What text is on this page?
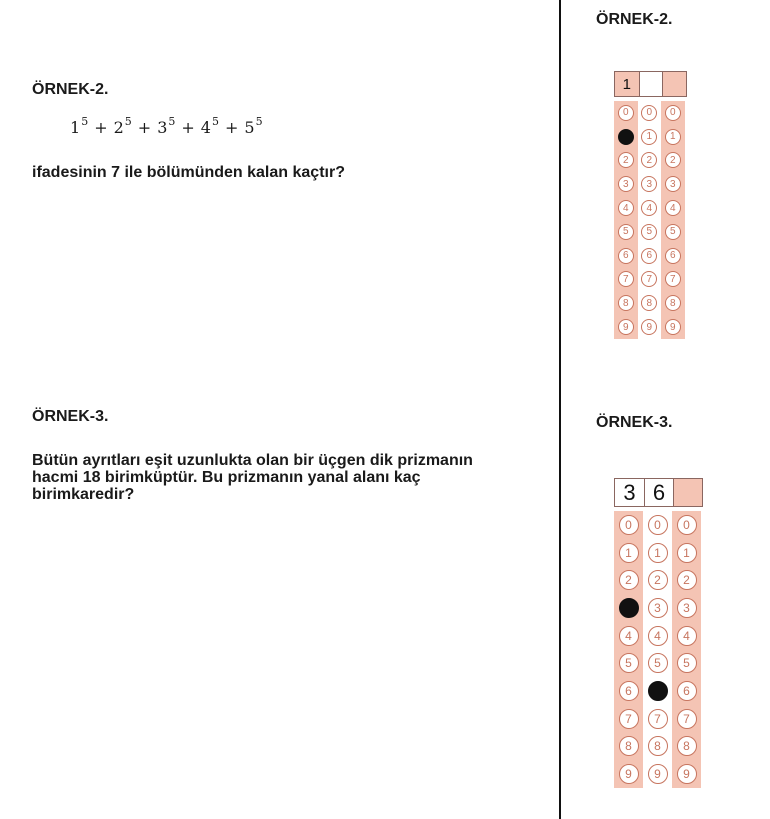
ÖRNEK-2.
$1^5 + 2^5 + 3^5 + 4^5 + 5^5$

ifadesinin 7 ile bölümünden kalan kaçtır?

ÖRNEK-3.
Bütün ayrıtları eşit uzunlukta olan bir üçgen dik prizmanın
hacmi 18 birimküptür. Bu prizmanın yanal alanı kaç
birimkaredir?
ÖRNEK-2.
1
0
2
3
4
5
6
7
8
9
0
1
2
3
4
5
6
7
8
9
0
1
2
3
4
5
6
7
8
9
ÖRNEK-3.
3 6
0
1
2
4
5
6
7
8
9
0
1
2
3
4
5
7
8
9
0
1
2
3
4
5
6
7
8
9
